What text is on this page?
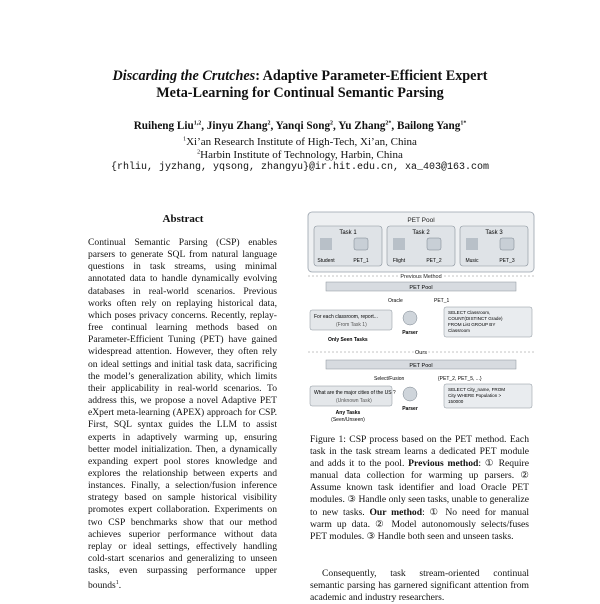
Discarding the Crutches: Adaptive Parameter-Efficient Expert
Meta-Learning for Continual Semantic Parsing
Ruiheng Liu$^{1,2}$, Jinyu Zhang$^2$, Yanqi Song$^2$, Yu Zhang$^{2*}$, Bailong Yang$^{1*}$
$^1$Xi’an Research Institute of High-Tech, Xi’an, China
$^2$Harbin Institute of Technology, Harbin, China
{rhliu, jyzhang, yqsong, zhangyu}@ir.hit.edu.cn, xa_403@163.com
Abstract
Continual Semantic Parsing (CSP) enables parsers to generate SQL from natural language questions in task streams, using minimal annotated data to handle dynamically evolving databases in real-world scenarios. Previous works often rely on replaying historical data, which poses privacy concerns. Recently, replay-free continual learning methods based on Parameter-Efficient Tuning (PET) have gained widespread attention. However, they often rely on ideal settings and initial task data, sacrificing the model’s generalization ability, which limits their applicability in real-world scenarios. To address this, we propose a novel Adaptive PET eXpert meta-learning (APEX) approach for CSP. First, SQL syntax guides the LLM to assist experts in adaptively warming up, ensuring better model initialization. Then, a dynamically expanding expert pool stores knowledge and explores the relationship between experts and instances. Finally, a selection/fusion inference strategy based on sample historical visibility promotes expert collaboration. Experiments on two CSP benchmarks show that our method achieves superior performance without data replay or ideal settings, effectively handling cold-start scenarios and generalizing to unseen tasks, even surpassing performance upper bounds$^1$.
PET Pool
Task 1
Student	PET_1
Task 2
Flight	PET_2
Task 3
Music	PET_3
Previous Method
PET Pool
Oracle	PET_1
For each classroom, report...
(From Task 1)
Only Seen Tasks
Parser
SELECT Classroom,
COUNT(DISTINCT Grade)
FROM List GROUP BY
Classroom
Ours
PET Pool
Select/Fusion	{PET_2, PET_5, ...}
What are the major cities of the US ?
(Unknown Task)
Any Tasks
(Seen/Unseen)
Parser
SELECT City_name, FROM
City WHERE Population >
150000
Figure 1: CSP process based on the PET method. Each task in the task stream learns a dedicated PET module and adds it to the pool. Previous method: ① Require manual data collection for warming up parsers. ② Assume known task identifier and load Oracle PET modules. ③ Handle only seen tasks, unable to generalize to new tasks. Our method: ① No need for manual warm up data. ② Model autonomously selects/fuses PET modules. ③ Handle both seen and unseen tasks.
Consequently, task stream-oriented continual semantic parsing has garnered significant attention from academic and industry researchers.
